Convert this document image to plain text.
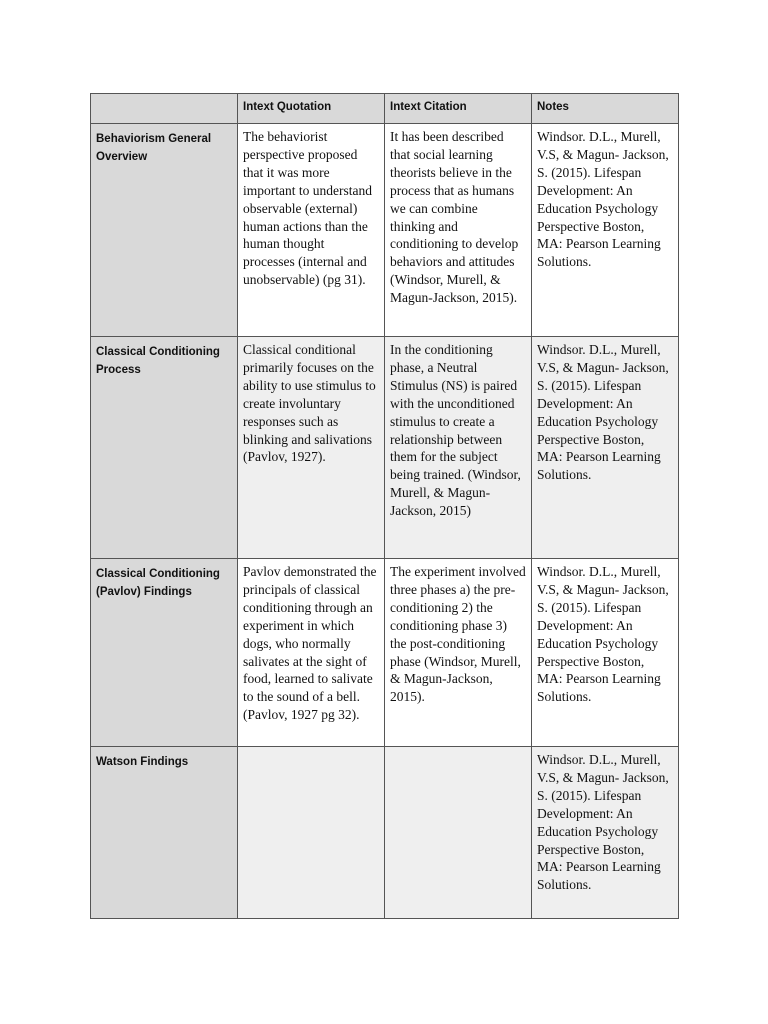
	Intext Quotation	Intext Citation	Notes
Behaviorism General Overview	The behaviorist perspective proposed that it was more important to understand observable (external) human actions than the human thought processes (internal and unobservable) (pg 31).	It has been described that social learning theorists believe in the process that as humans we can combine thinking and conditioning to develop behaviors and attitudes (Windsor, Murell, & Magun-Jackson, 2015).	Windsor. D.L., Murell, V.S, & Magun- Jackson, S. (2015). Lifespan Development: An Education Psychology Perspective Boston, MA: Pearson Learning Solutions.
Classical Conditioning Process	Classical conditional primarily focuses on the ability to use stimulus to create involuntary responses such as blinking and salivations (Pavlov, 1927).	In the conditioning phase, a Neutral Stimulus (NS) is paired with the unconditioned stimulus to create a relationship between them for the subject being trained. (Windsor, Murell, & Magun-Jackson, 2015)	Windsor. D.L., Murell, V.S, & Magun- Jackson, S. (2015). Lifespan Development: An Education Psychology Perspective Boston, MA: Pearson Learning Solutions.
Classical Conditioning (Pavlov) Findings	Pavlov demonstrated the principals of classical conditioning through an experiment in which dogs, who normally salivates at the sight of food, learned to salivate to the sound of a bell. (Pavlov, 1927 pg 32).	The experiment involved three phases a) the pre-conditioning 2) the conditioning phase 3) the post-conditioning phase (Windsor, Murell, & Magun-Jackson, 2015).	Windsor. D.L., Murell, V.S, & Magun- Jackson, S. (2015). Lifespan Development: An Education Psychology Perspective Boston, MA: Pearson Learning Solutions.
Watson Findings			Windsor. D.L., Murell, V.S, & Magun- Jackson, S. (2015). Lifespan Development: An Education Psychology Perspective Boston, MA: Pearson Learning Solutions.
